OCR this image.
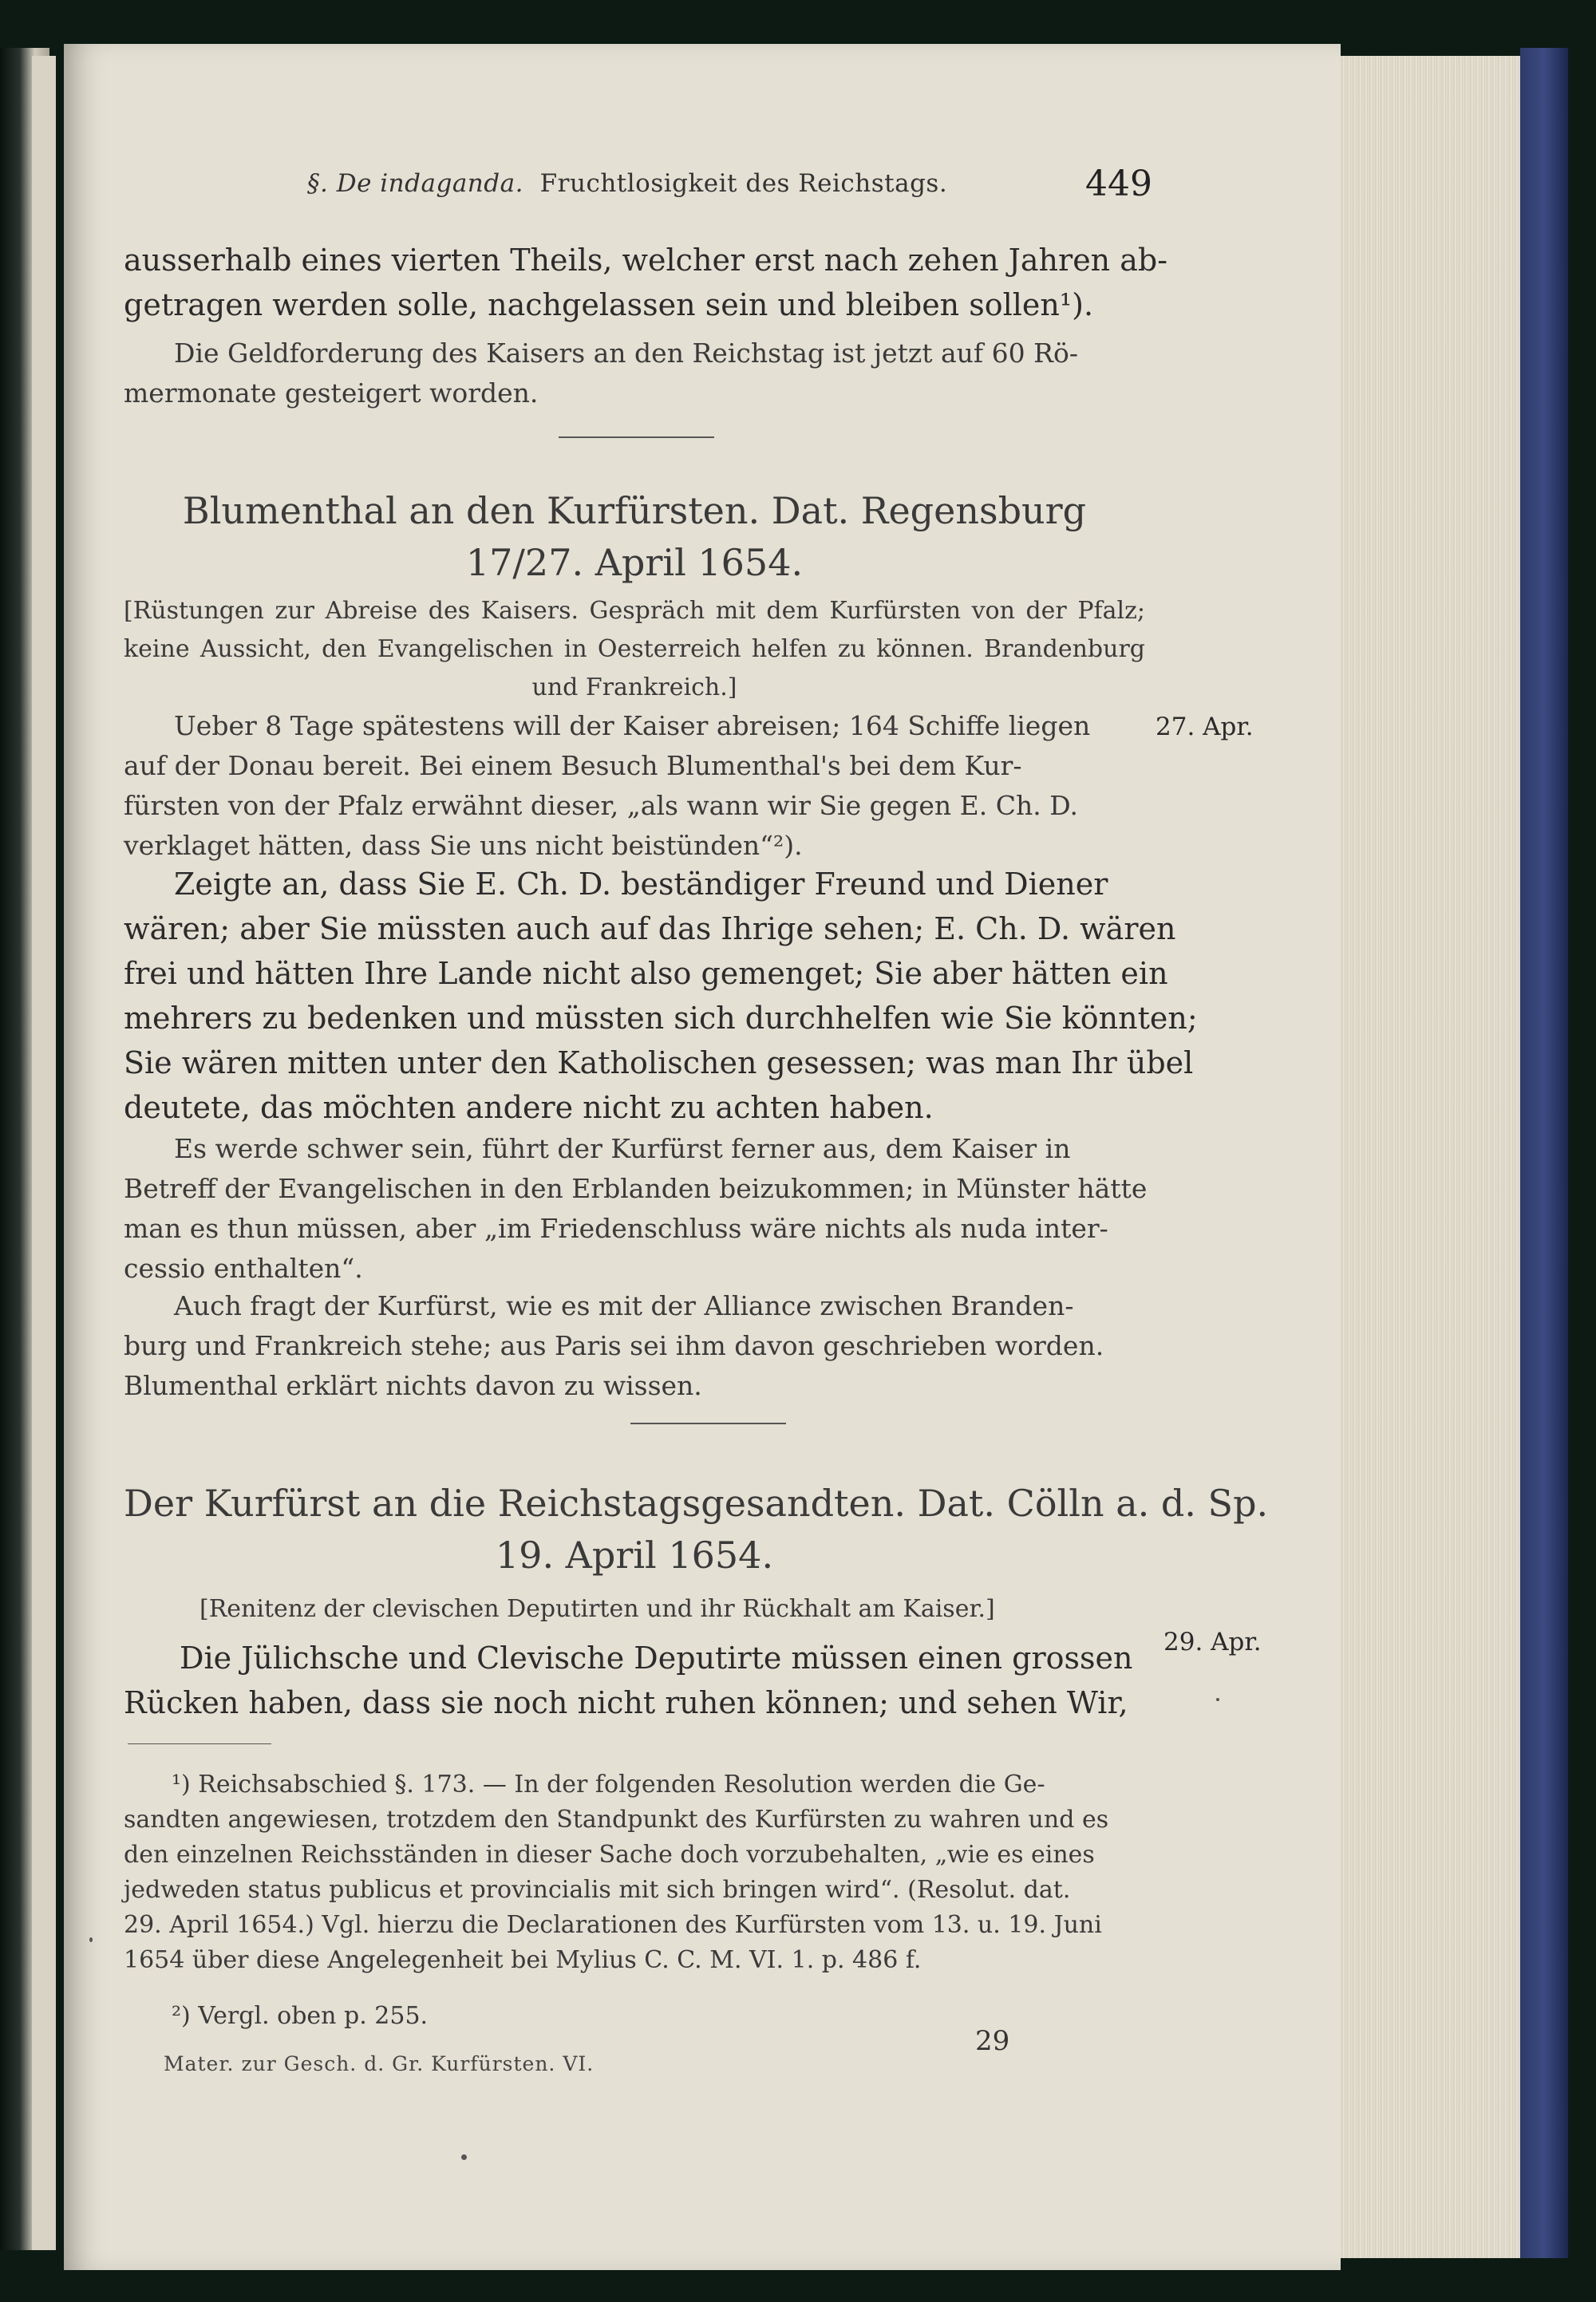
§. De indaganda. Fruchtlosigkeit des Reichstags.	449

ausserhalb eines vierten Theils, welcher erst nach zehen Jahren ab-

getragen werden solle, nachgelassen sein und bleiben sollen¹).

Die Geldforderung des Kaisers an den Reichstag ist jetzt auf 60 Rö-

mermonate gesteigert worden.

Blumenthal an den Kurfürsten. Dat. Regensburg
17/27. April 1654.
[Rüstungen zur Abreise des Kaisers. Gespräch mit dem Kurfürsten von der Pfalz; keine Aussicht, den Evangelischen in Oesterreich helfen zu können. Brandenburg und Frankreich.]
27. Apr.

Ueber 8 Tage spätestens will der Kaiser abreisen; 164 Schiffe liegen

auf der Donau bereit. Bei einem Besuch Blumenthal's bei dem Kur-

fürsten von der Pfalz erwähnt dieser, „als wann wir Sie gegen E. Ch. D.

verklaget hätten, dass Sie uns nicht beistünden“²).

Zeigte an, dass Sie E. Ch. D. beständiger Freund und Diener

wären; aber Sie müssten auch auf das Ihrige sehen; E. Ch. D. wären

frei und hätten Ihre Lande nicht also gemenget; Sie aber hätten ein

mehrers zu bedenken und müssten sich durchhelfen wie Sie könnten;

Sie wären mitten unter den Katholischen gesessen; was man Ihr übel

deutete, das möchten andere nicht zu achten haben.

Es werde schwer sein, führt der Kurfürst ferner aus, dem Kaiser in

Betreff der Evangelischen in den Erblanden beizukommen; in Münster hätte

man es thun müssen, aber „im Friedenschluss wäre nichts als nuda inter-

cessio enthalten“.

Auch fragt der Kurfürst, wie es mit der Alliance zwischen Branden-

burg und Frankreich stehe; aus Paris sei ihm davon geschrieben worden.

Blumenthal erklärt nichts davon zu wissen.

Der Kurfürst an die Reichstagsgesandten. Dat. Cölln a. d. Sp.
19. April 1654.
[Renitenz der clevischen Deputirten und ihr Rückhalt am Kaiser.]
29. Apr.

Die Jülichsche und Clevische Deputirte müssen einen grossen

Rücken haben, dass sie noch nicht ruhen können; und sehen Wir,

¹) Reichsabschied §. 173. — In der folgenden Resolution werden die Ge-

sandten angewiesen, trotzdem den Standpunkt des Kurfürsten zu wahren und es

den einzelnen Reichsständen in dieser Sache doch vorzubehalten, „wie es eines

jedweden status publicus et provincialis mit sich bringen wird“. (Resolut. dat.

29. April 1654.) Vgl. hierzu die Declarationen des Kurfürsten vom 13. u. 19. Juni

1654 über diese Angelegenheit bei Mylius C. C. M. VI. 1. p. 486 f.

²) Vergl. oben p. 255.
Mater. zur Gesch. d. Gr. Kurfürsten. VI.
29
